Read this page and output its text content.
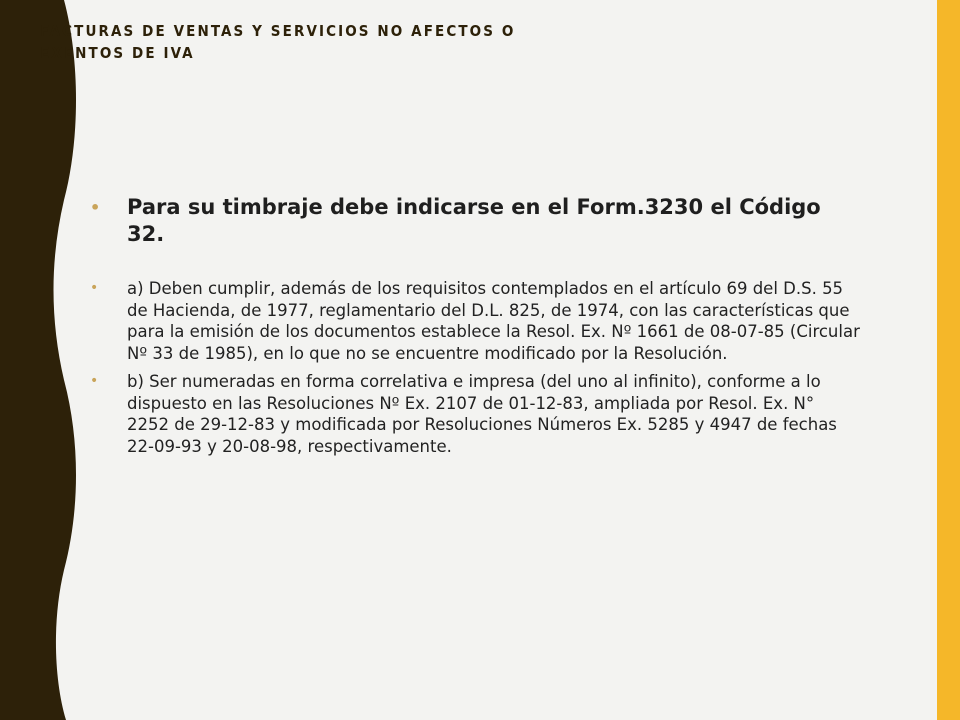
FACTURAS DE VENTAS Y SERVICIOS NO AFECTOS O EXENTOS DE IVA
• Para su timbraje debe indicarse en el Form.3230 el Código 32.
• a) Deben cumplir, además de los requisitos contemplados en el artículo 69 del D.S. 55 de Hacienda, de 1977, reglamentario del D.L. 825, de 1974, con las características que para la emisión de los documentos establece la Resol. Ex. Nº 1661 de 08-07-85 (Circular Nº 33 de 1985), en lo que no se encuentre modificado por la Resolución.
• b) Ser numeradas en forma correlativa e impresa (del uno al infinito), conforme a lo dispuesto en las Resoluciones Nº Ex. 2107 de 01-12-83, ampliada por Resol. Ex. N° 2252 de 29-12-83 y modificada por Resoluciones Números Ex. 5285 y 4947 de fechas 22-09-93 y 20-08-98, respectivamente.
